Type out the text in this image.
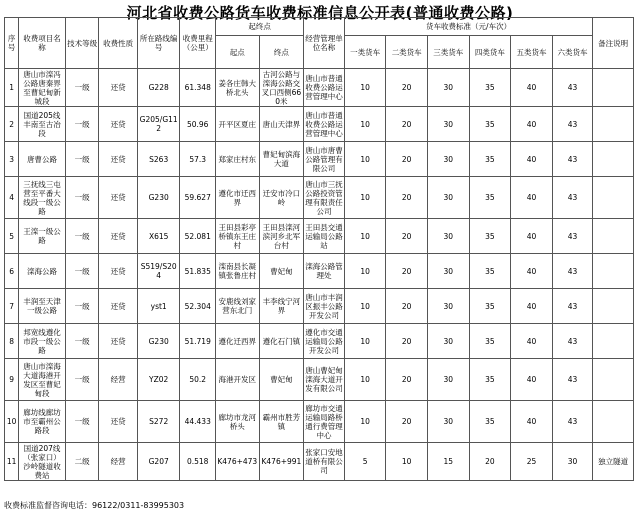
河北省收费公路货车收费标准信息公开表(普通收费公路)
序号	收费项目名称	技术等级	收费性质	所在路线编号	收费里程（公里）	起终点		经营管理单位名称	货车收费标准（元/车次）						备注说明
						起点	终点		一类货车	二类货车	三类货车	四类货车	五类货车	六类货车	
1	唐山市滦冯公路唐秦界至曹妃甸新城段	一级	还贷	G228	61.348	姜各庄韩大桥北头	古河公路与滦海公路交叉口西侧660米	唐山市普通收费公路运营管理中心	10	20	30	35	40	43	
2	国道205线丰南至古冶段	一级	还贷	G205/G112	50.96	开平区夏庄	唐山天津界	唐山市普通收费公路运营管理中心	10	20	30	35	40	43	
3	唐曹公路	一级	还贷	S263	57.3	郑家庄村东	曹妃甸滨海大道	唐山市唐曹公路管理有限公司	10	20	30	35	40	43	
4	三抚线三屯营至平番大线段一级公路	一级	还贷	G230	59.627	遵化市迁西界	迁安市冷口岭	唐山市三抚公路投资管理有限责任公司	10	20	30	35	40	43	
5	王滦一级公路	一级	还贷	X615	52.081	王田县彩亭桥镇东王庄村	王田县滦河滨河乡北军台村	王田县交通运输局公路站	10	20	30	35	40	43	
6	滦海公路	一级	还贷	S519/S204	51.835	滦南县长凝镇张鲁庄村	曹妃甸	滦海公路管理处	10	20	30	35	40	43	
7	丰润至天津一级公路	一级	还贷	yst1	52.304	安鹿线刘家营东北门	丰李线宁河界	唐山市丰润区振丰公路开发公司	10	20	30	35	40	43	
8	邦宽线遵化市段一级公路	一级	还贷	G230	51.719	遵化迁西界	遵化石门镇	遵化市交通运输局公路开发公司	10	20	30	35	40	43	
9	唐山市滦海大道海港开发区至曹妃甸段	一级	经营	YZ02	50.2	海港开发区	曹妃甸	唐山曹妃甸滦海大道开发有限公司	10	20	30	35	40	43	
10	廊坊线廊坊市至霸州公路段	一级	还贷	S272	44.433	廊坊市龙河桥头	霸州市胜芳镇	廊坊市交通运输局路桥通行费管理中心	10	20	30	35	40	43	
11	国道207线（张家口）沙岭隧道收费站	二级	经营	G207	0.518	K476+473	K476+991	张家口安地道桥有限公司	5	10	15	20	25	30	独立隧道
收费标准监督咨询电话：96122/0311-83995303
